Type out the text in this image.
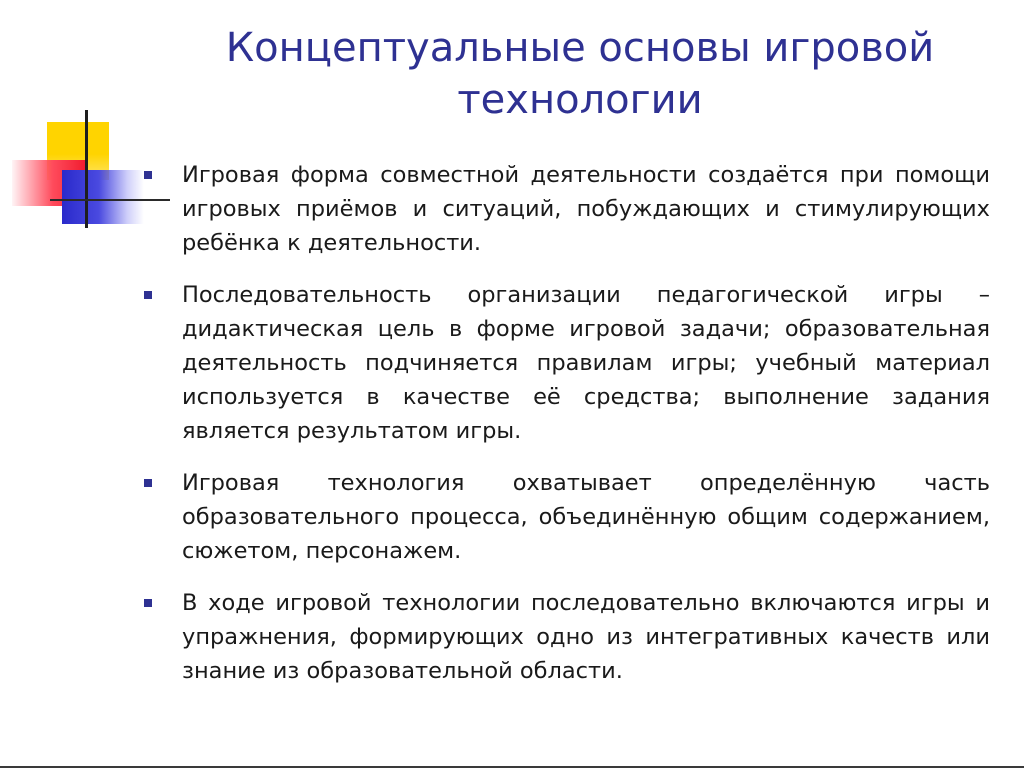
Концептуальные основы игровой
технологии
Игровая форма совместной деятельности создаётся при помощи игровых приёмов и ситуаций, побуждающих и стимулирующих ребёнка к деятельности.
Последовательность организации педагогической игры – дидактическая цель в форме игровой задачи; образовательная деятельность подчиняется правилам игры; учебный материал используется в качестве её средства; выполнение задания является результатом игры.
Игровая технология охватывает определённую часть образовательного процесса, объединённую общим содержанием, сюжетом, персонажем.
В ходе игровой технологии последовательно включаются игры и упражнения, формирующих одно из интегративных качеств или знание из образовательной области.
